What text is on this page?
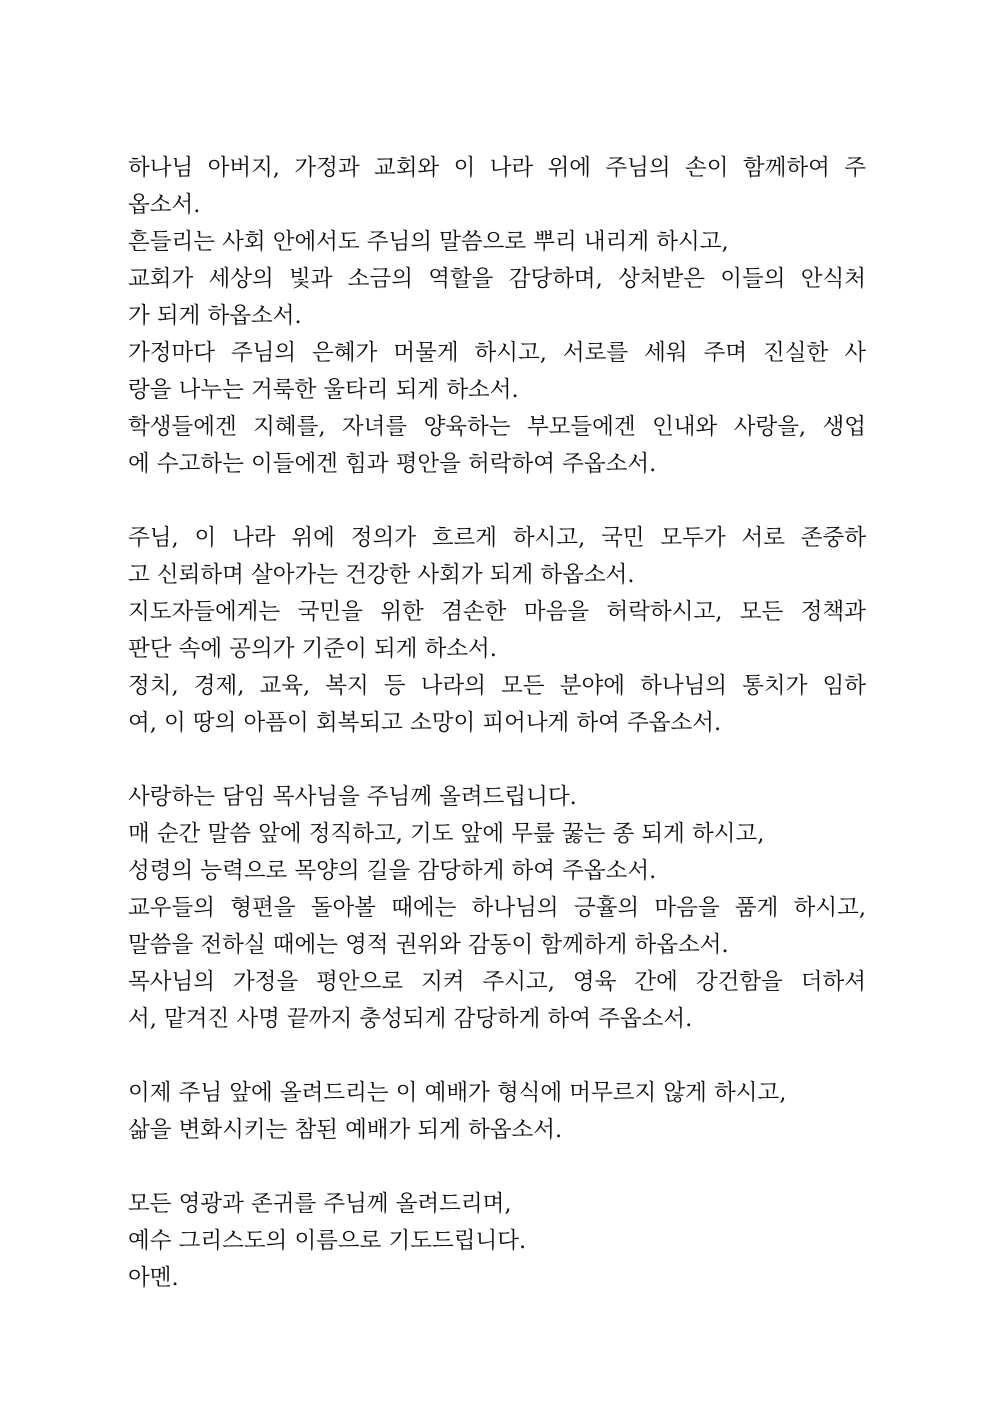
하나님 아버지, 가정과 교회와 이 나라 위에 주님의 손이 함께하여 주
옵소서.
흔들리는 사회 안에서도 주님의 말씀으로 뿌리 내리게 하시고,
교회가 세상의 빛과 소금의 역할을 감당하며, 상처받은 이들의 안식처
가 되게 하옵소서.
가정마다 주님의 은혜가 머물게 하시고, 서로를 세워 주며 진실한 사
랑을 나누는 거룩한 울타리 되게 하소서.
학생들에겐 지혜를, 자녀를 양육하는 부모들에겐 인내와 사랑을, 생업
에 수고하는 이들에겐 힘과 평안을 허락하여 주옵소서.
주님, 이 나라 위에 정의가 흐르게 하시고, 국민 모두가 서로 존중하
고 신뢰하며 살아가는 건강한 사회가 되게 하옵소서.
지도자들에게는 국민을 위한 겸손한 마음을 허락하시고, 모든 정책과
판단 속에 공의가 기준이 되게 하소서.
정치, 경제, 교육, 복지 등 나라의 모든 분야에 하나님의 통치가 임하
여, 이 땅의 아픔이 회복되고 소망이 피어나게 하여 주옵소서.
사랑하는 담임 목사님을 주님께 올려드립니다.
매 순간 말씀 앞에 정직하고, 기도 앞에 무릎 꿇는 종 되게 하시고,
성령의 능력으로 목양의 길을 감당하게 하여 주옵소서.
교우들의 형편을 돌아볼 때에는 하나님의 긍휼의 마음을 품게 하시고,
말씀을 전하실 때에는 영적 권위와 감동이 함께하게 하옵소서.
목사님의 가정을 평안으로 지켜 주시고, 영육 간에 강건함을 더하셔
서, 맡겨진 사명 끝까지 충성되게 감당하게 하여 주옵소서.
이제 주님 앞에 올려드리는 이 예배가 형식에 머무르지 않게 하시고,
삶을 변화시키는 참된 예배가 되게 하옵소서.
모든 영광과 존귀를 주님께 올려드리며,
예수 그리스도의 이름으로 기도드립니다.
아멘.
